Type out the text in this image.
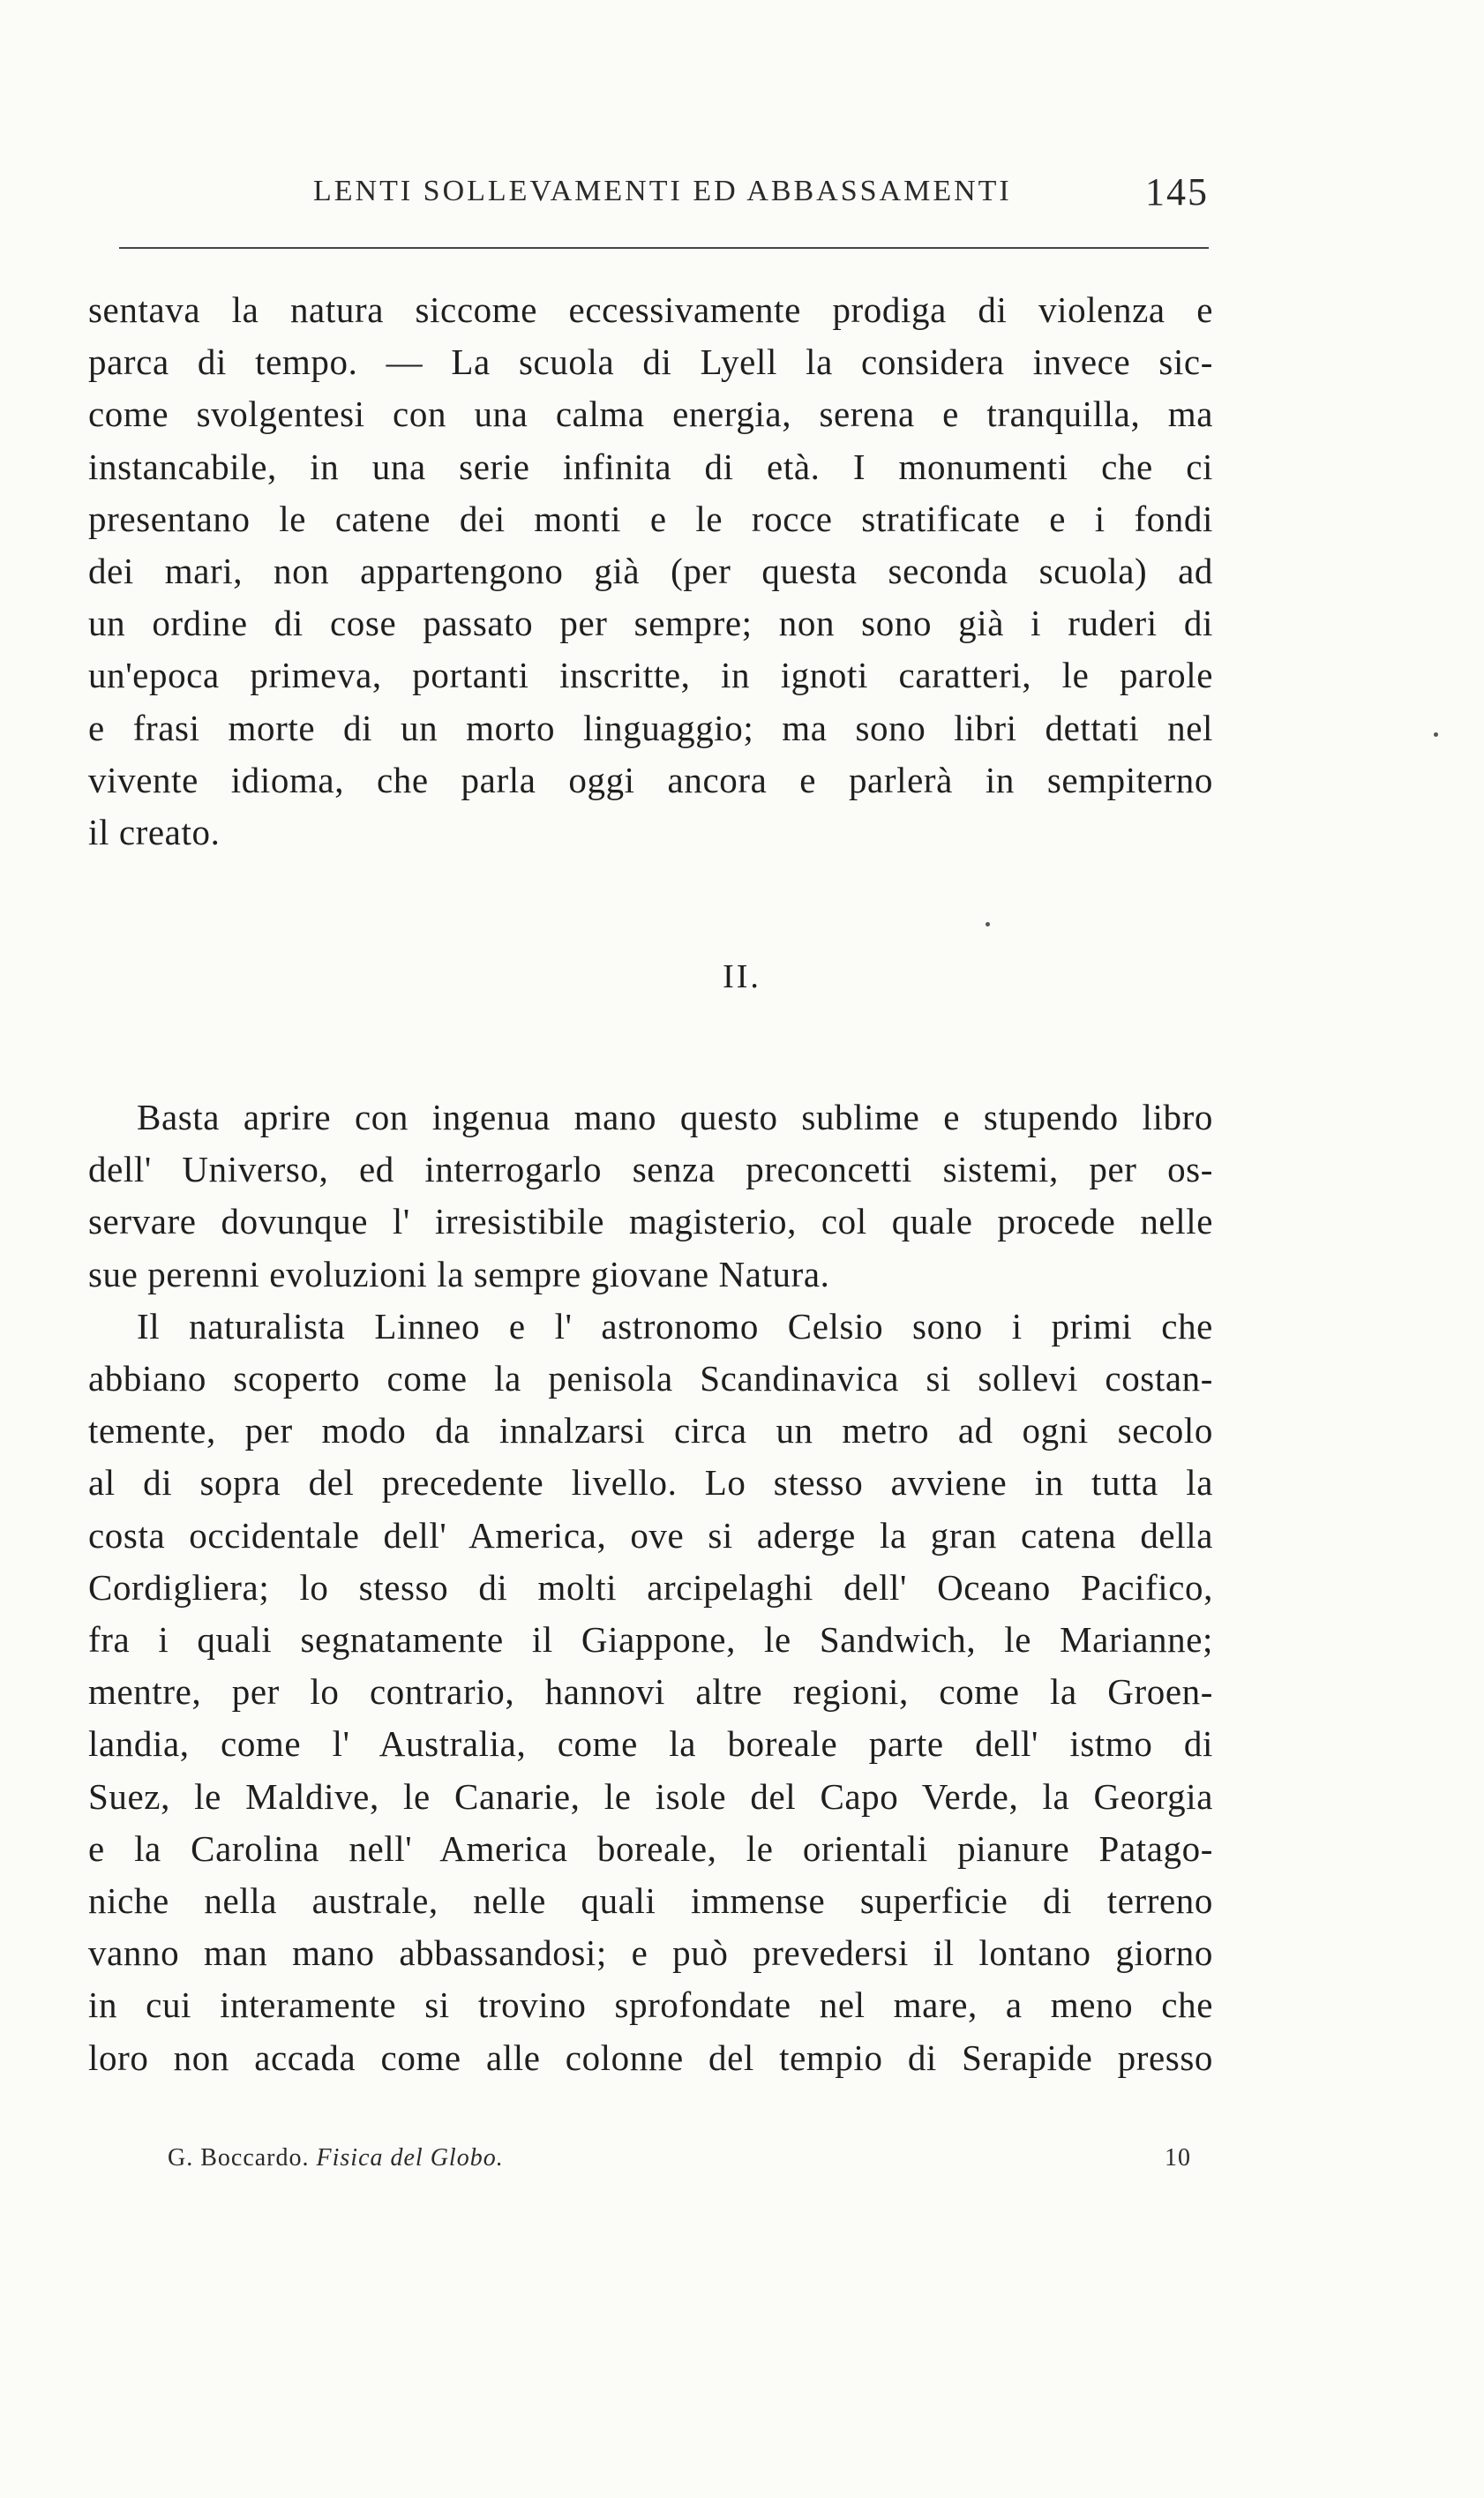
LENTI SOLLEVAMENTI ED ABBASSAMENTI	145
sentava la natura siccome eccessivamente prodiga di violenza e
parca di tempo. — La scuola di Lyell la considera invece sic-
come svolgentesi con una calma energia, serena e tranquilla, ma
instancabile, in una serie infinita di età. I monumenti che ci
presentano le catene dei monti e le rocce stratificate e i fondi
dei mari, non appartengono già (per questa seconda scuola) ad
un ordine di cose passato per sempre; non sono già i ruderi di
un'epoca primeva, portanti inscritte, in ignoti caratteri, le parole
e frasi morte di un morto linguaggio; ma sono libri dettati nel
vivente idioma, che parla oggi ancora e parlerà in sempiterno
il creato.
II.
Basta aprire con ingenua mano questo sublime e stupendo libro
dell' Universo, ed interrogarlo senza preconcetti sistemi, per os-
servare dovunque l' irresistibile magisterio, col quale procede nelle
sue perenni evoluzioni la sempre giovane Natura.
Il naturalista Linneo e l' astronomo Celsio sono i primi che
abbiano scoperto come la penisola Scandinavica si sollevi costan-
temente, per modo da innalzarsi circa un metro ad ogni secolo
al di sopra del precedente livello. Lo stesso avviene in tutta la
costa occidentale dell' America, ove si aderge la gran catena della
Cordigliera; lo stesso di molti arcipelaghi dell' Oceano Pacifico,
fra i quali segnatamente il Giappone, le Sandwich, le Marianne;
mentre, per lo contrario, hannovi altre regioni, come la Groen-
landia, come l' Australia, come la boreale parte dell' istmo di
Suez, le Maldive, le Canarie, le isole del Capo Verde, la Georgia
e la Carolina nell' America boreale, le orientali pianure Patago-
niche nella australe, nelle quali immense superficie di terreno
vanno man mano abbassandosi; e può prevedersi il lontano giorno
in cui interamente si trovino sprofondate nel mare, a meno che
loro non accada come alle colonne del tempio di Serapide presso
G. Boccardo. Fisica del Globo.	10
